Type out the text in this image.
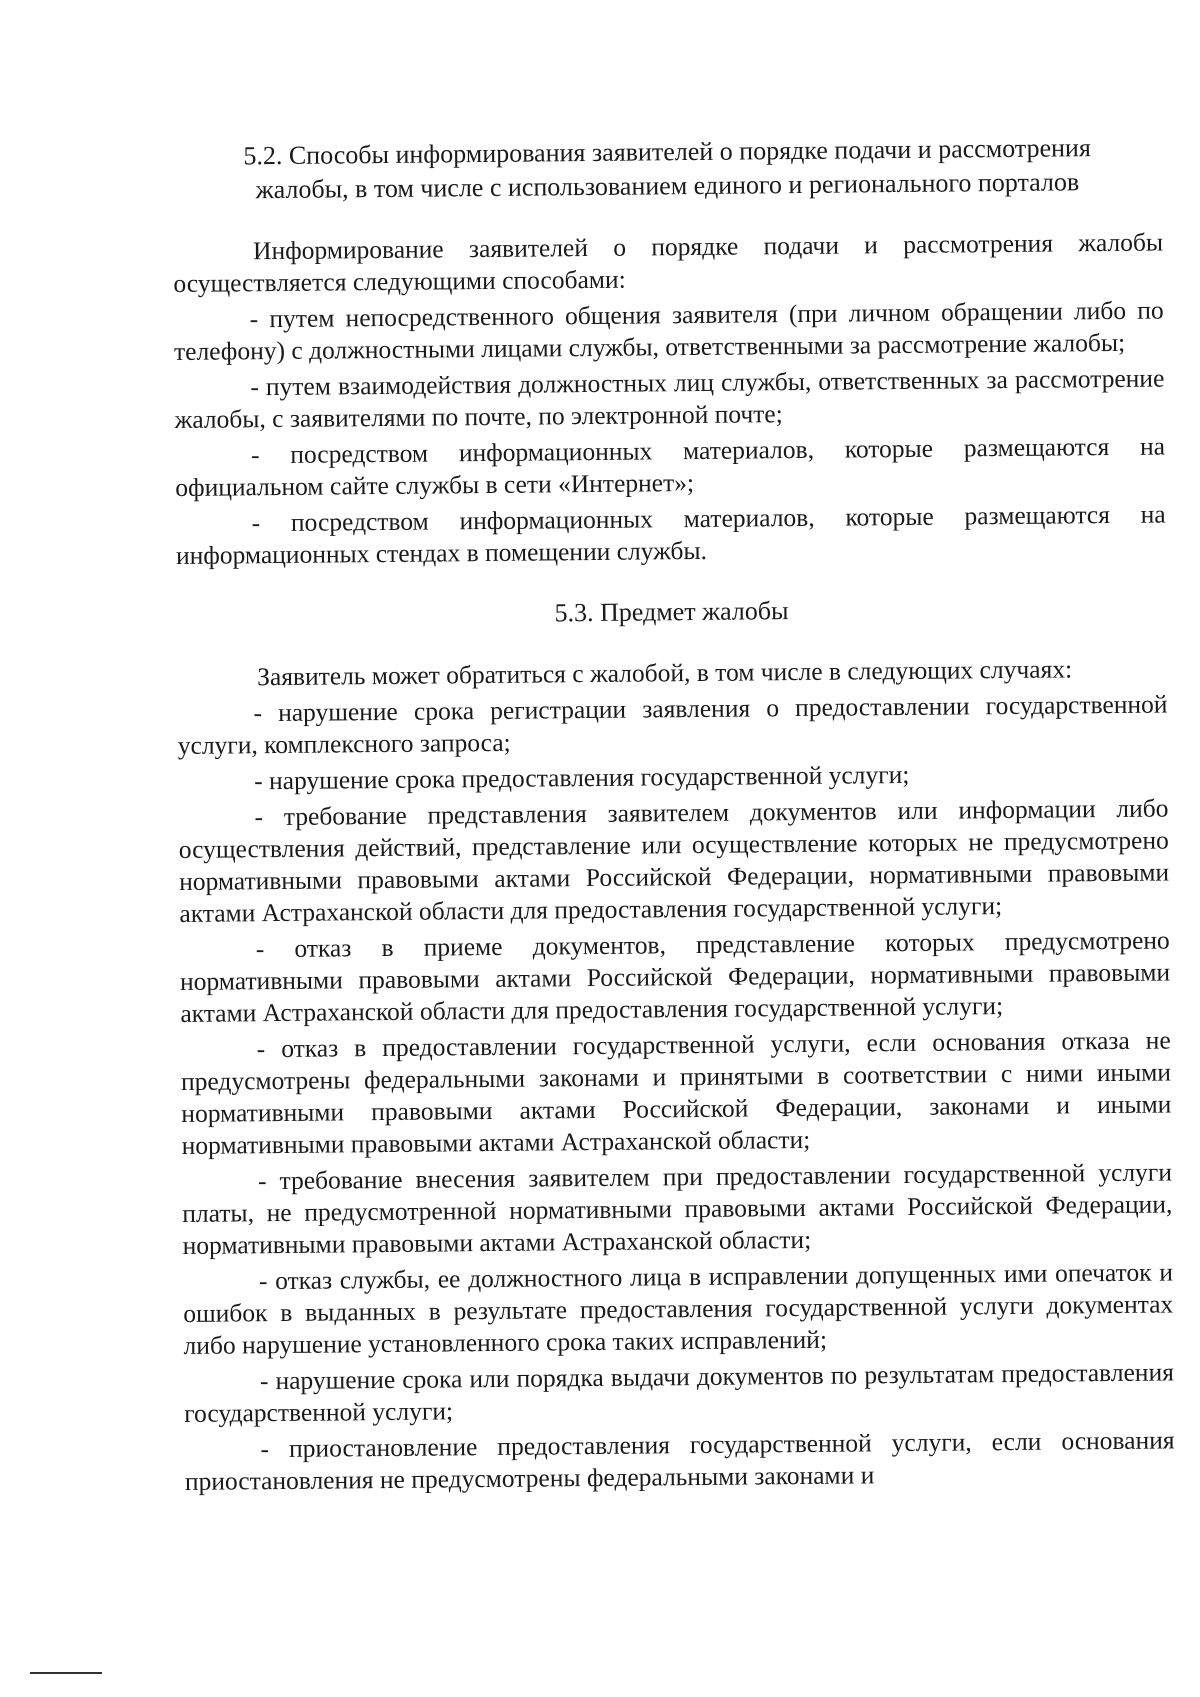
5.2. Способы информирования заявителей о порядке подачи и рассмотрения
жалобы, в том числе с использованием единого и регионального порталов

Информирование заявителей о порядке подачи и рассмотрения жалобы осуществляется следующими способами:

- путем непосредственного общения заявителя (при личном обращении либо по телефону) с должностными лицами службы, ответственными за рассмотрение жалобы;

- путем взаимодействия должностных лиц службы, ответственных за рассмотрение жалобы, с заявителями по почте, по электронной почте;

- посредством информационных материалов, которые размещаются на официальном сайте службы в сети «Интернет»;

- посредством информационных материалов, которые размещаются на информационных стендах в помещении службы.

5.3. Предмет жалобы

Заявитель может обратиться с жалобой, в том числе в следующих случаях:

- нарушение срока регистрации заявления о предоставлении государственной услуги, комплексного запроса;

- нарушение срока предоставления государственной услуги;

- требование представления заявителем документов или информации либо осуществления действий, представление или осуществление которых не предусмотрено нормативными правовыми актами Российской Федерации, нормативными правовыми актами Астраханской области для предоставления государственной услуги;

- отказ в приеме документов, представление которых предусмотрено нормативными правовыми актами Российской Федерации, нормативными правовыми актами Астраханской области для предоставления государственной услуги;

- отказ в предоставлении государственной услуги, если основания отказа не предусмотрены федеральными законами и принятыми в соответствии с ними иными нормативными правовыми актами Российской Федерации, законами и иными нормативными правовыми актами Астраханской области;

- требование внесения заявителем при предоставлении государственной услуги платы, не предусмотренной нормативными правовыми актами Российской Федерации, нормативными правовыми актами Астраханской области;

- отказ службы, ее должностного лица в исправлении допущенных ими опечаток и ошибок в выданных в результате предоставления государственной услуги документах либо нарушение установленного срока таких исправлений;

- нарушение срока или порядка выдачи документов по результатам предоставления государственной услуги;

- приостановление предоставления государственной услуги, если основания приостановления не предусмотрены федеральными законами и
